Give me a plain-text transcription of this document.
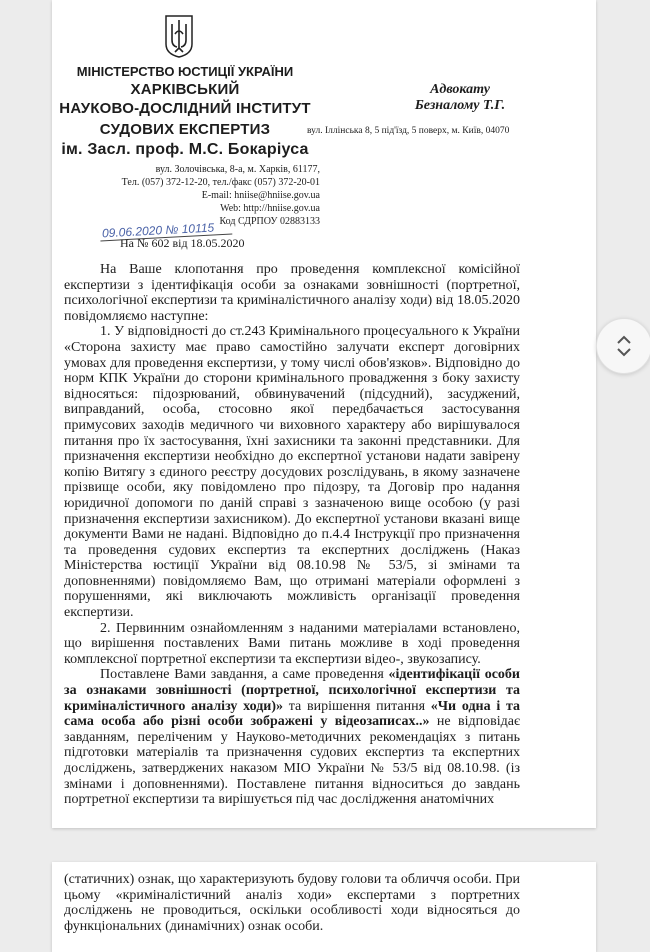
МІНІСТЕРСТВО ЮСТИЦІЇ УКРАЇНИ
ХАРКІВСЬКИЙ
НАУКОВО-ДОСЛІДНИЙ ІНСТИТУТ
СУДОВИХ ЕКСПЕРТИЗ
ім. Засл. проф. М.С. Бокаріуса
вул. Золочівська, 8-а, м. Харків, 61177,
Тел. (057) 372-12-20, тел./факс (057) 372-20-01
E-mail: hniise@hniise.gov.ua
Web: http://hniise.gov.ua
Код СДРПОУ 02883133
09.06.2020 № 10115
На № 602 від 18.05.2020
Адвокату
Безналому Т.Г.
вул. Іллінська 8, 5 під'їзд, 5 поверх, м. Київ, 04070

На Ваше клопотання про проведення комплексної комісійної експертизи з ідентифікація особи за ознаками зовнішності (портретної, психологічної експертизи та криміналістичного аналізу ходи) від 18.05.2020 повідомляємо наступне:

1. У відповідності до ст.243 Кримінального процесуального к України «Сторона захисту має право самостійно залучати експерт договірних умовах для проведення експертизи, у тому числі обов'язков». Відповідно до норм КПК України до сторони кримінального провадження з боку захисту відносяться: підозрюваний, обвинувачений (підсудний), засуджений, виправданий, особа, стосовно якої передбачається застосування примусових заходів медичного чи виховного характеру або вирішувалося питання про їх застосування, їхні захисники та законні представники. Для призначення експертизи необхідно до експертної установи надати завірену копію Витягу з єдиного реєстру досудових розслідувань, в якому зазначене прізвище особи, яку повідомлено про підозру, та Договір про надання юридичної допомоги по даній справі з зазначеною вище особою (у разі призначення експертизи захисником). До експертної установи вказані вище документи Вами не надані. Відповідно до п.4.4 Інструкції про призначення та проведення судових експертиз та експертних досліджень (Наказ Міністерства юстиції України від 08.10.98 № 53/5, зі змінами та доповненнями) повідомляємо Вам, що отримані матеріали оформлені з порушеннями, які виключають можливість організації проведення експертизи.

2. Первинним ознайомленням з наданими матеріалами встановлено, що вирішення поставлених Вами питань можливе в ході проведення комплексної портретної експертизи та експертизи відео-, звукозапису.

Поставлене Вами завдання, а саме проведення «ідентифікації особи за ознаками зовнішності (портретної, психологічної експертизи та криміналістичного аналізу ходи)» та вирішення питання «Чи одна і та сама особа або різні особи зображені у відеозаписах..» не відповідає завданням, переліченим у Науково-методичних рекомендаціях з питань підготовки матеріалів та призначення судових експертиз та експертних досліджень, затверджених наказом МІО України № 53/5 від 08.10.98. (із змінами і доповненнями). Поставлене питання відноситься до завдань портретної експертизи та вирішується під час дослідження анатомічних

(статичних) ознак, що характеризують будову голови та обличчя особи. При цьому «криміналістичний аналіз ходи» експертами з портретних досліджень не проводиться, оскільки особливості ходи відносяться до функціональних (динамічних) ознак особи.
